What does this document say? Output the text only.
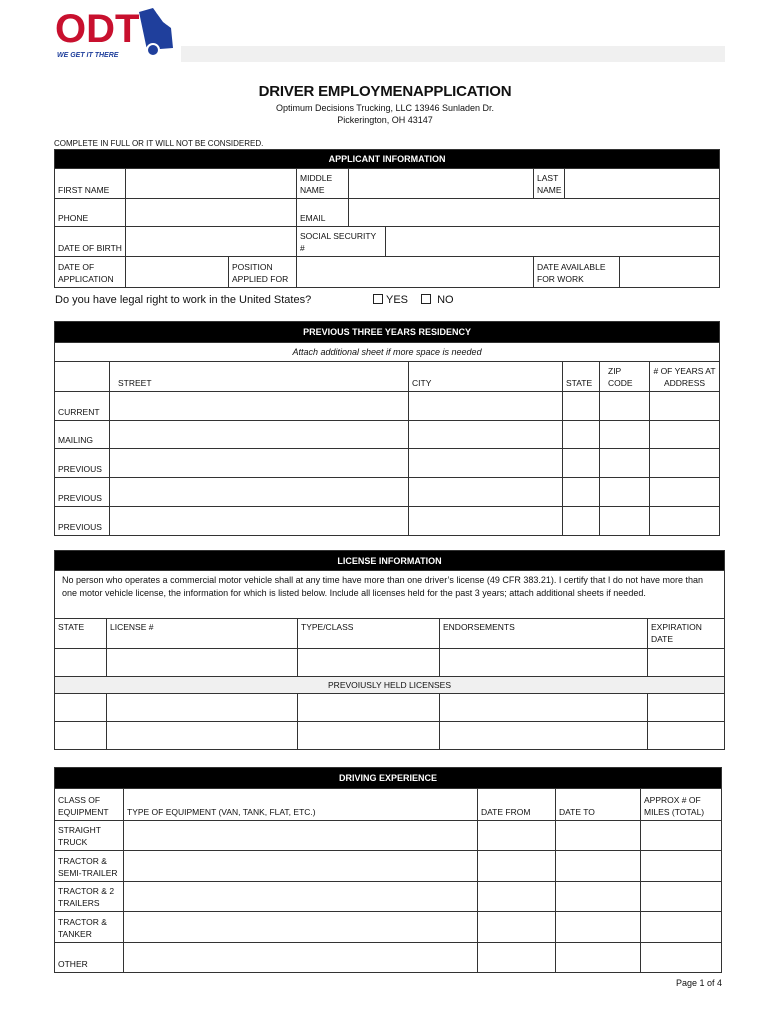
ODT
WE GET IT THERE
DRIVER EMPLOYMENAPPLICATION
Optimum Decisions Trucking, LLC 13946 Sunladen Dr.
Pickerington, OH 43147
COMPLETE IN FULL OR IT WILL NOT BE CONSIDERED.
APPLICANT INFORMATION							
FIRST NAME			MIDDLE NAME			LAST NAME	
PHONE			EMAIL				
DATE OF BIRTH			SOCIAL SECURITY #				
DATE OF APPLICATION		POSITION APPLIED FOR				DATE AVAILABLE FOR WORK	
Do you have legal right to work in the United States?	YES	NO
PREVIOUS THREE YEARS RESIDENCY					
Attach additional sheet if more space is needed					
	STREET	CITY	STATE	ZIP CODE	# OF YEARS AT ADDRESS
CURRENT					
MAILING					
PREVIOUS					
PREVIOUS					
PREVIOUS					
LICENSE INFORMATION				
No person who operates a commercial motor vehicle shall at any time have more than one driver’s license (49 CFR 383.21). I certify that I do not have more than one motor vehicle license, the information for which is listed below. Include all licenses held for the past 3 years; attach additional sheets if needed.				
STATE	LICENSE #	TYPE/CLASS	ENDORSEMENTS	EXPIRATION DATE

PREVOIUSLY HELD LICENSES				

DRIVING EXPERIENCE				
CLASS OF EQUIPMENT	TYPE OF EQUIPMENT (VAN, TANK, FLAT, ETC.)	DATE FROM	DATE TO	APPROX # OF MILES (TOTAL)
STRAIGHT TRUCK				
TRACTOR & SEMI-TRAILER				
TRACTOR & 2 TRAILERS				
TRACTOR & TANKER				
OTHER				
Page 1 of 4
